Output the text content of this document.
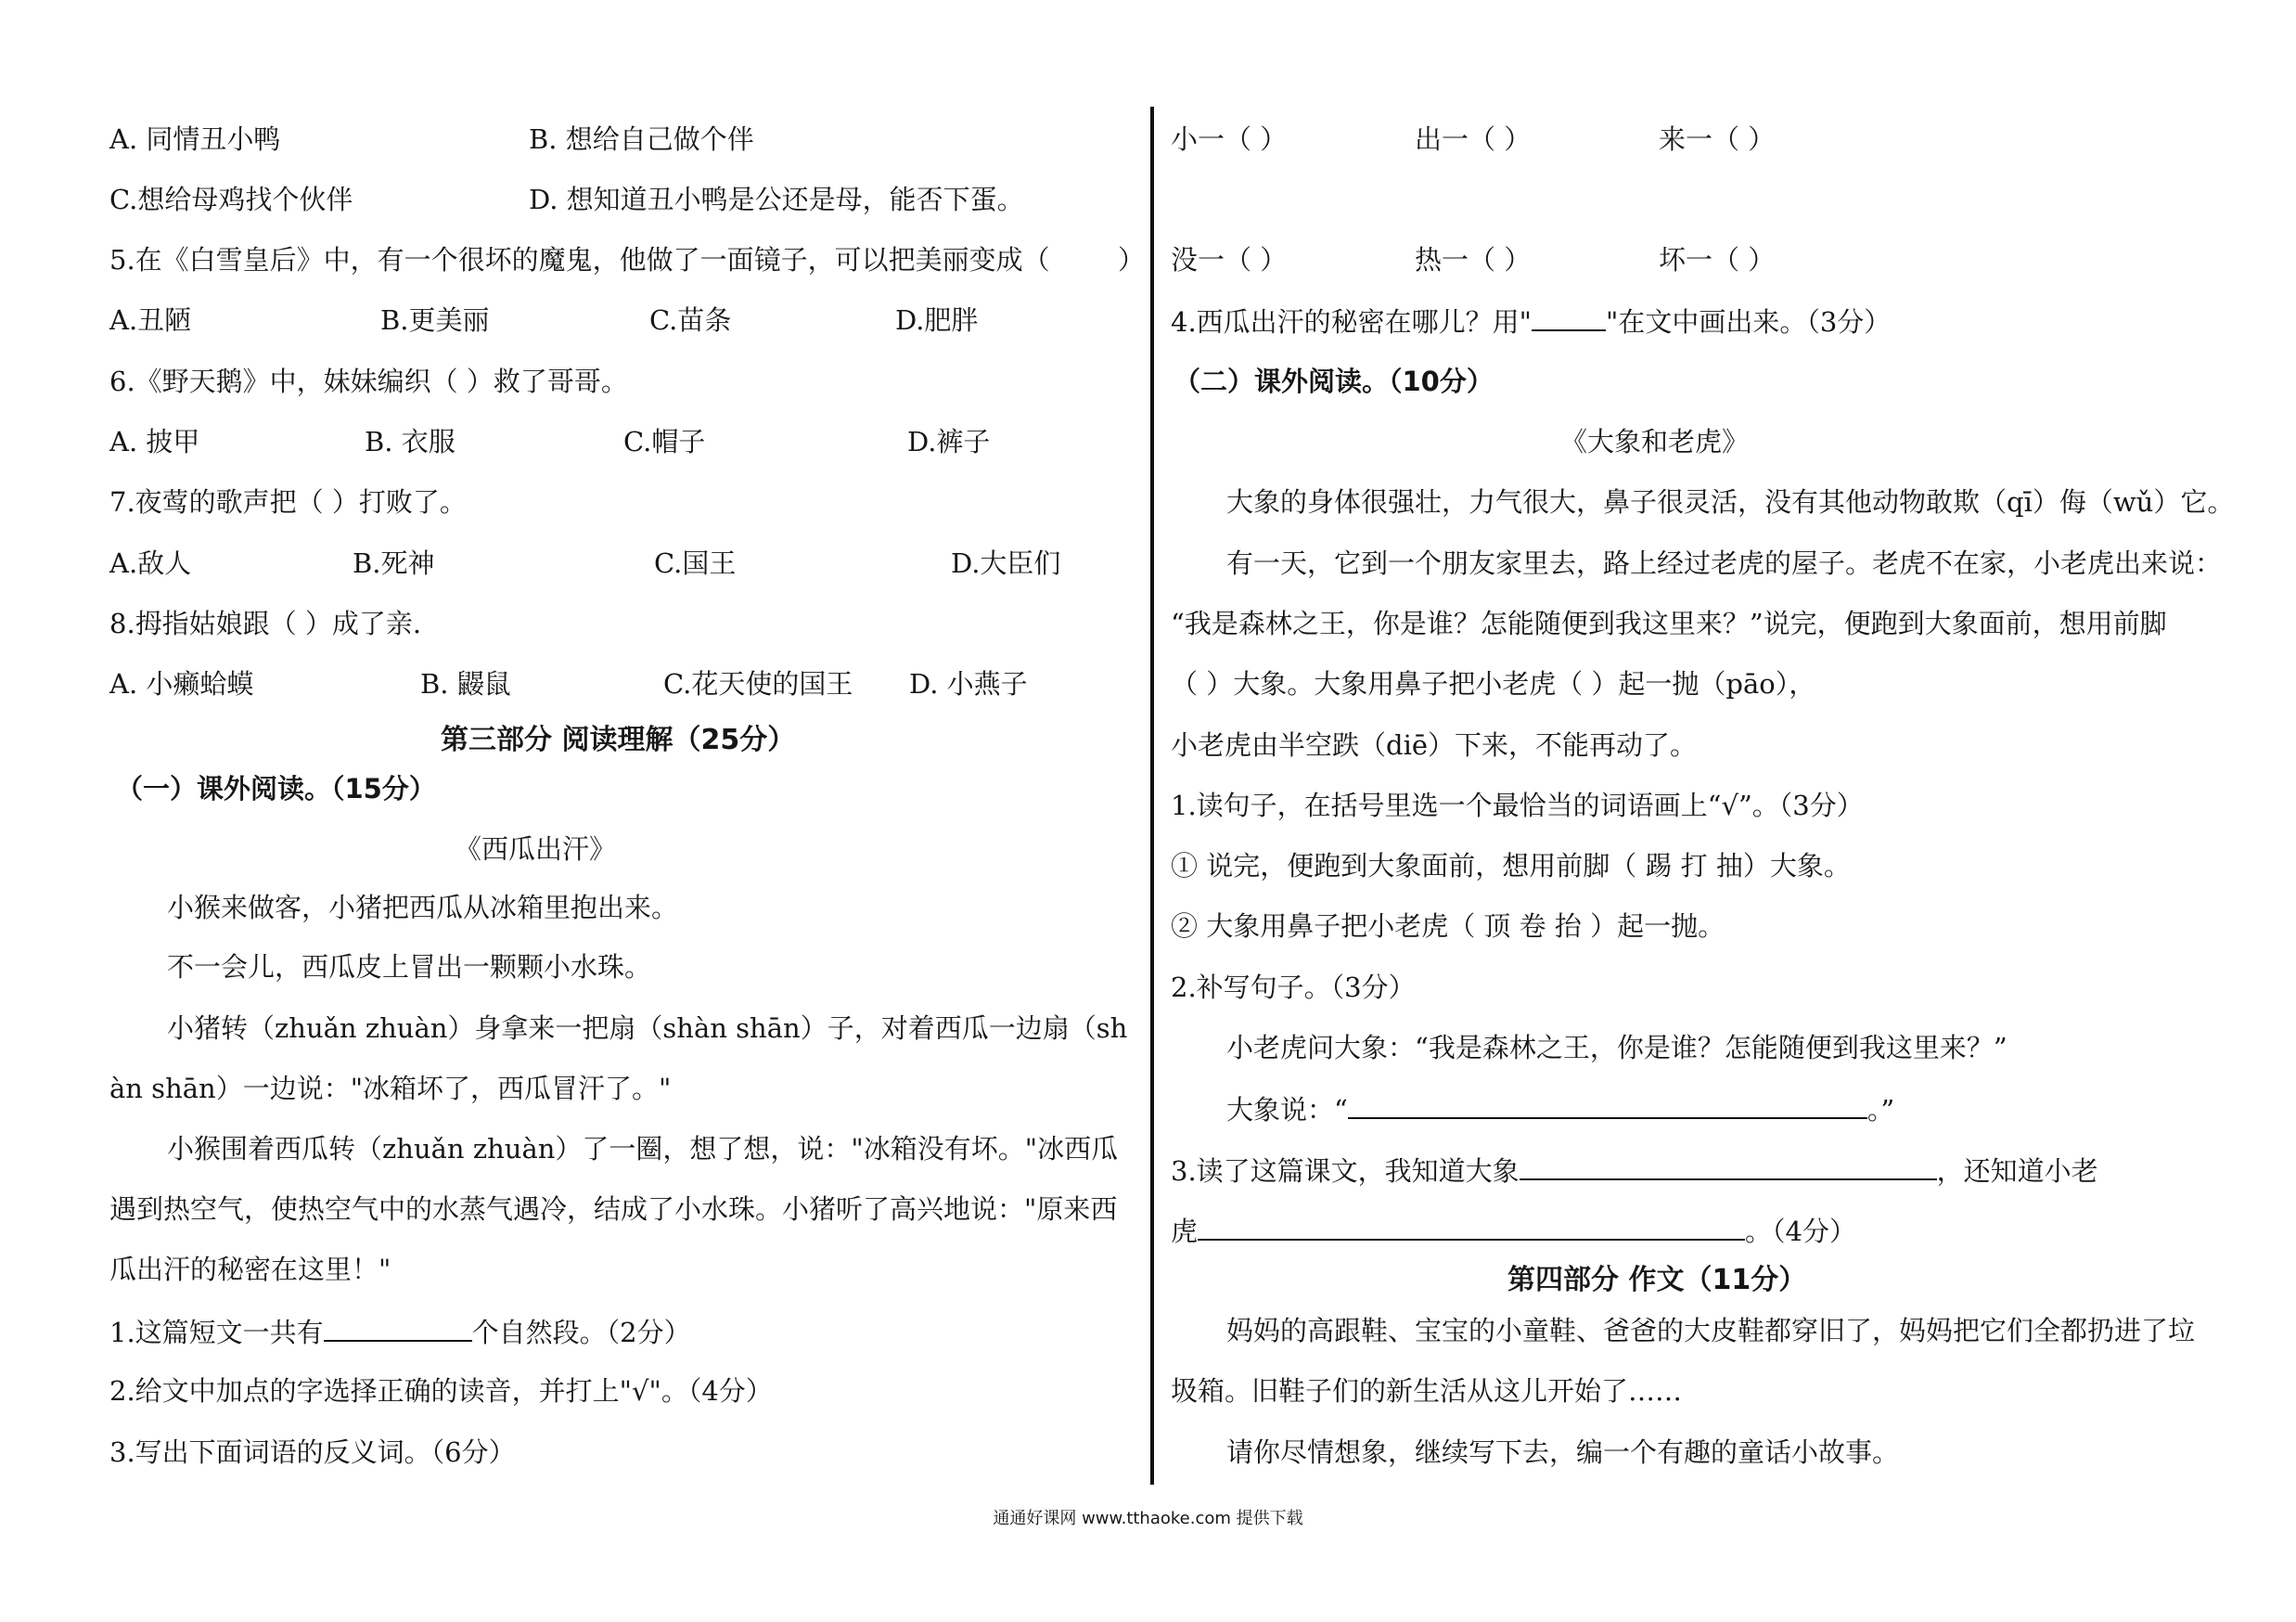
A. 同情丑小鸭	B. 想给自己做个伴
C.想给母鸡找个伙伴	D. 想知道丑小鸭是公还是母，能否下蛋。
5.在《白雪皇后》中，有一个很坏的魔鬼，他做了一面镜子，可以把美丽变成（	）
A.丑陋	B.更美丽	C.苗条	D.肥胖
6.《野天鹅》中，妹妹编织（ ）救了哥哥。
A. 披甲	B. 衣服	C.帽子	D.裤子
7.夜莺的歌声把（ ）打败了。
A.敌人	B.死神	C.国王	D.大臣们
8.拇指姑娘跟（ ）成了亲.
A. 小癞蛤蟆	B. 鼹鼠	C.花天使的国王 D. 小燕子
第三部分 阅读理解（25分）
（一）课外阅读。（15分）
《西瓜出汗》
小猴来做客，小猪把西瓜从冰箱里抱出来。
不一会儿，西瓜皮上冒出一颗颗小水珠。
小猪转（zhuǎn zhuàn）身拿来一把扇（shàn shān）子，对着西瓜一边扇（sh
àn shān）一边说："冰箱坏了，西瓜冒汗了。"
小猴围着西瓜转（zhuǎn zhuàn）了一圈，想了想，说："冰箱没有坏。"冰西瓜
遇到热空气，使热空气中的水蒸气遇冷，结成了小水珠。小猪听了高兴地说："原来西
瓜出汗的秘密在这里！"
1.这篇短文一共有	个自然段。（2分）
2.给文中加点的字选择正确的读音，并打上"√"。（4分）
3.写出下面词语的反义词。（6分）
小一（ ）	出一（ ）	来一（ ）
没一（ ）	热一（ ）	坏一（ ）
4.西瓜出汗的秘密在哪儿？用"	"在文中画出来。（3分）
（二）课外阅读。（10分）
《大象和老虎》
大象的身体很强壮，力气很大，鼻子很灵活，没有其他动物敢欺（qī）侮（wǔ）它。
有一天，它到一个朋友家里去，路上经过老虎的屋子。老虎不在家，小老虎出来说：
“我是森林之王，你是谁？怎能随便到我这里来？”说完，便跑到大象面前，想用前脚
（ ）大象。大象用鼻子把小老虎（ ）起一抛（pāo），
小老虎由半空跌（diē）下来，不能再动了。
1.读句子，在括号里选一个最恰当的词语画上“√”。（3分）
① 说完，便跑到大象面前，想用前脚（ 踢 打 抽）大象。
② 大象用鼻子把小老虎（ 顶 卷 抬 ）起一抛。
2.补写句子。（3分）
小老虎问大象：“我是森林之王，你是谁？怎能随便到我这里来？”
大象说：“	。”
3.读了这篇课文，我知道大象	，还知道小老
虎	。（4分）
第四部分 作文（11分）
妈妈的高跟鞋、宝宝的小童鞋、爸爸的大皮鞋都穿旧了，妈妈把它们全都扔进了垃
圾箱。旧鞋子们的新生活从这儿开始了……
请你尽情想象，继续写下去，编一个有趣的童话小故事。
通通好课网 www.tthaoke.com 提供下载
